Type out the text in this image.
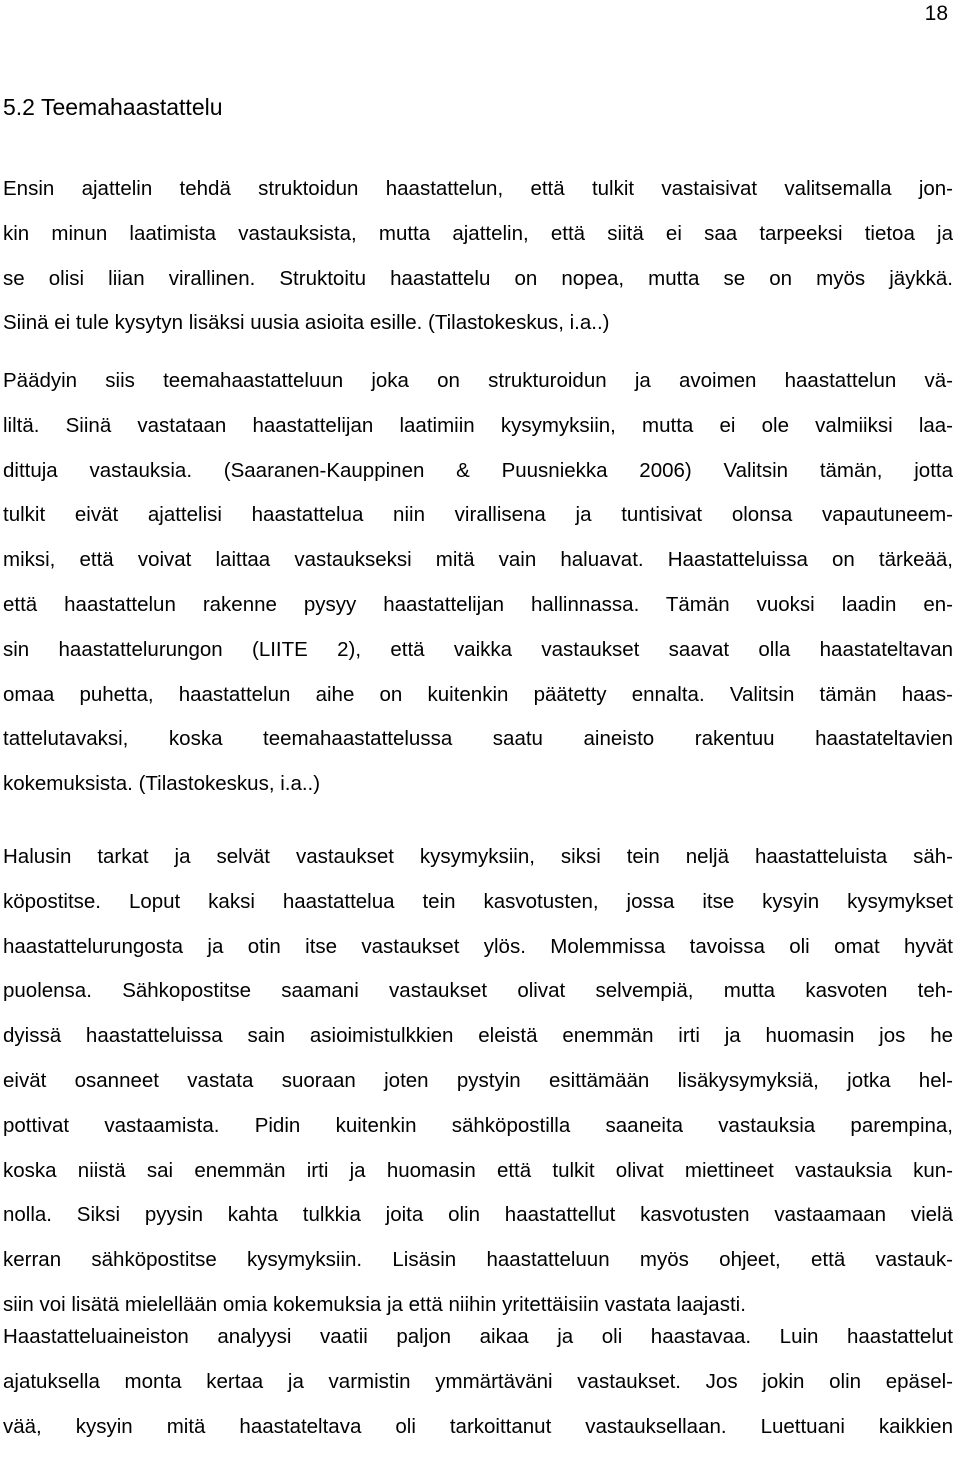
18
5.2 Teemahaastattelu
Ensin ajattelin tehdä struktoidun haastattelun, että tulkit vastaisivat valitsemalla jon-
kin minun laatimista vastauksista, mutta ajattelin, että siitä ei saa tarpeeksi tietoa ja
se olisi liian virallinen. Struktoitu haastattelu on nopea, mutta se on myös jäykkä.
Siinä ei tule kysytyn lisäksi uusia asioita esille. (Tilastokeskus, i.a..)
Päädyin siis teemahaastatteluun joka on strukturoidun ja avoimen haastattelun vä-
liltä. Siinä vastataan haastattelijan laatimiin kysymyksiin, mutta ei ole valmiiksi laa-
dittuja vastauksia. (Saaranen-Kauppinen & Puusniekka 2006) Valitsin tämän, jotta
tulkit eivät ajattelisi haastattelua niin virallisena ja tuntisivat olonsa vapautuneem-
miksi, että voivat laittaa vastaukseksi mitä vain haluavat. Haastatteluissa on tärkeää,
että haastattelun rakenne pysyy haastattelijan hallinnassa. Tämän vuoksi laadin en-
sin haastattelurungon (LIITE 2), että vaikka vastaukset saavat olla haastateltavan
omaa puhetta, haastattelun aihe on kuitenkin päätetty ennalta. Valitsin tämän haas-
tattelutavaksi, koska teemahaastattelussa saatu aineisto rakentuu haastateltavien
kokemuksista. (Tilastokeskus, i.a..)
Halusin tarkat ja selvät vastaukset kysymyksiin, siksi tein neljä haastatteluista säh-
köpostitse. Loput kaksi haastattelua tein kasvotusten, jossa itse kysyin kysymykset
haastattelurungosta ja otin itse vastaukset ylös. Molemmissa tavoissa oli omat hyvät
puolensa. Sähkopostitse saamani vastaukset olivat selvempiä, mutta kasvoten teh-
dyissä haastatteluissa sain asioimistulkkien eleistä enemmän irti ja huomasin jos he
eivät osanneet vastata suoraan joten pystyin esittämään lisäkysymyksiä, jotka hel-
pottivat vastaamista. Pidin kuitenkin sähköpostilla saaneita vastauksia parempina,
koska niistä sai enemmän irti ja huomasin että tulkit olivat miettineet vastauksia kun-
nolla. Siksi pyysin kahta tulkkia joita olin haastattellut kasvotusten vastaamaan vielä
kerran sähköpostitse kysymyksiin. Lisäsin haastatteluun myös ohjeet, että vastauk-
siin voi lisätä mielellään omia kokemuksia ja että niihin yritettäisiin vastata laajasti.
Haastatteluaineiston analyysi vaatii paljon aikaa ja oli haastavaa. Luin haastattelut
ajatuksella monta kertaa ja varmistin ymmärtäväni vastaukset. Jos jokin olin epäsel-
vää, kysyin mitä haastateltava oli tarkoittanut vastauksellaan. Luettuani kaikkien
